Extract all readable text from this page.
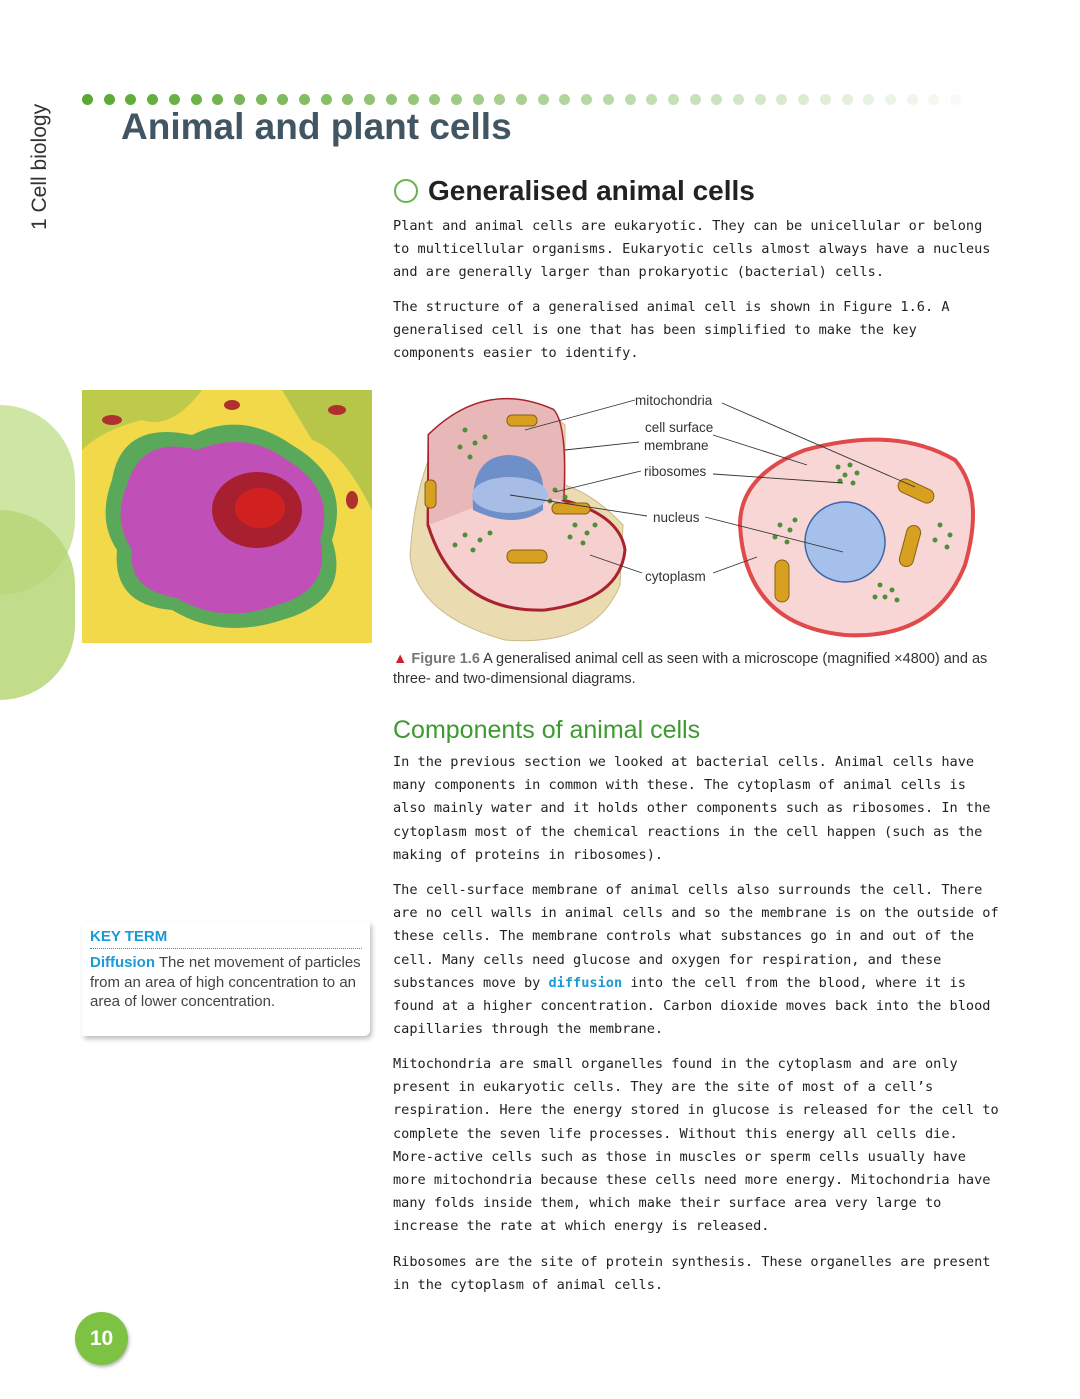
1 Cell biology Animal and plant cells
Generalised animal cells

Plant and animal cells are eukaryotic. They can be unicellular or belong to multicellular organisms. Eukaryotic cells almost always have a nucleus and are generally larger than prokaryotic (bacterial) cells.

The structure of a generalised animal cell is shown in Figure 1.6. A generalised cell is one that has been simplified to make the key components easier to identify.

mitochondria
cell surface
membrane
ribosomes
nucleus
cytoplasm
▲ Figure 1.6 A generalised animal cell as seen with a microscope (magnified ×4800) and as three- and two-dimensional diagrams.
Components of animal cells

In the previous section we looked at bacterial cells. Animal cells have many components in common with these. The cytoplasm of animal cells is also mainly water and it holds other components such as ribosomes. In the cytoplasm most of the chemical reactions in the cell happen (such as the making of proteins in ribosomes).

The cell-surface membrane of animal cells also surrounds the cell. There are no cell walls in animal cells and so the membrane is on the outside of these cells. The membrane controls what substances go in and out of the cell. Many cells need glucose and oxygen for respiration, and these substances move by diffusion into the cell from the blood, where it is found at a higher concentration. Carbon dioxide moves back into the blood capillaries through the membrane.

Mitochondria are small organelles found in the cytoplasm and are only present in eukaryotic cells. They are the site of most of a cell’s respiration. Here the energy stored in glucose is released for the cell to complete the seven life processes. Without this energy all cells die. More-active cells such as those in muscles or sperm cells usually have more mitochondria because these cells need more energy. Mitochondria have many folds inside them, which make their surface area very large to increase the rate at which energy is released.

Ribosomes are the site of protein synthesis. These organelles are present in the cytoplasm of animal cells.

KEY TERM
Diffusion The net movement of particles from an area of high concentration to an area of lower concentration.
10
